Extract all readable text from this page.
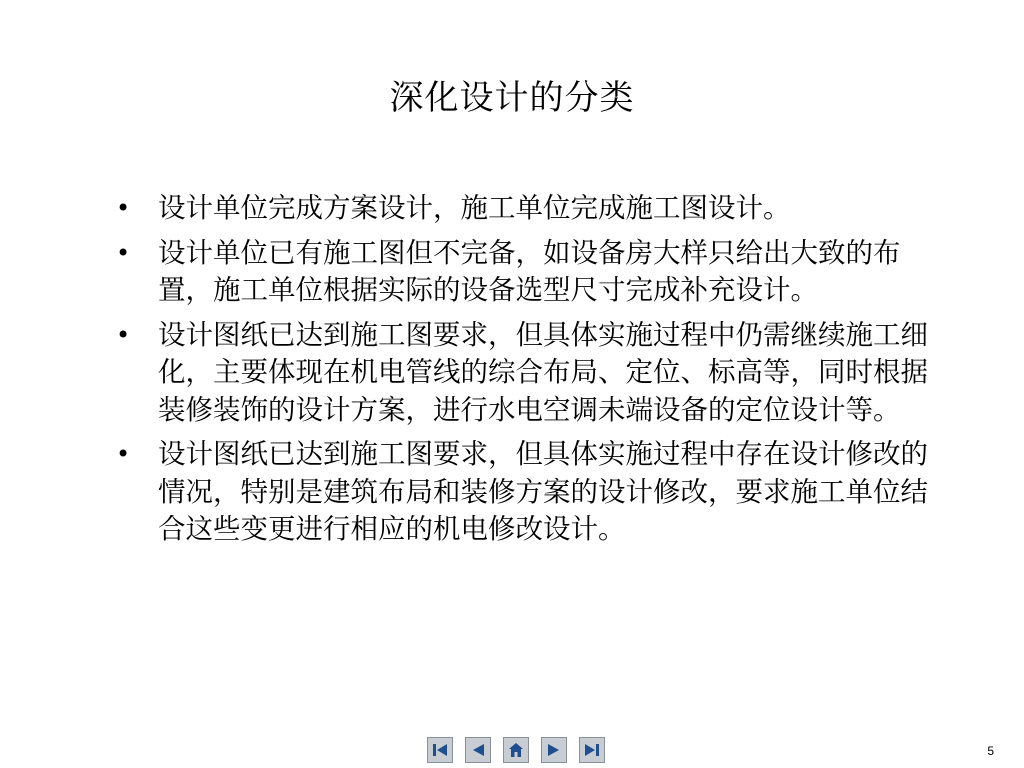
深化设计的分类
• 设计单位完成方案设计，施工单位完成施工图设计。
• 设计单位已有施工图但不完备，如设备房大样只给出大致的布置，施工单位根据实际的设备选型尺寸完成补充设计。
• 设计图纸已达到施工图要求，但具体实施过程中仍需继续施工细化，主要体现在机电管线的综合布局、定位、标高等，同时根据装修装饰的设计方案，进行水电空调未端设备的定位设计等。
• 设计图纸已达到施工图要求，但具体实施过程中存在设计修改的情况，特别是建筑布局和装修方案的设计修改，要求施工单位结合这些变更进行相应的机电修改设计。
5
